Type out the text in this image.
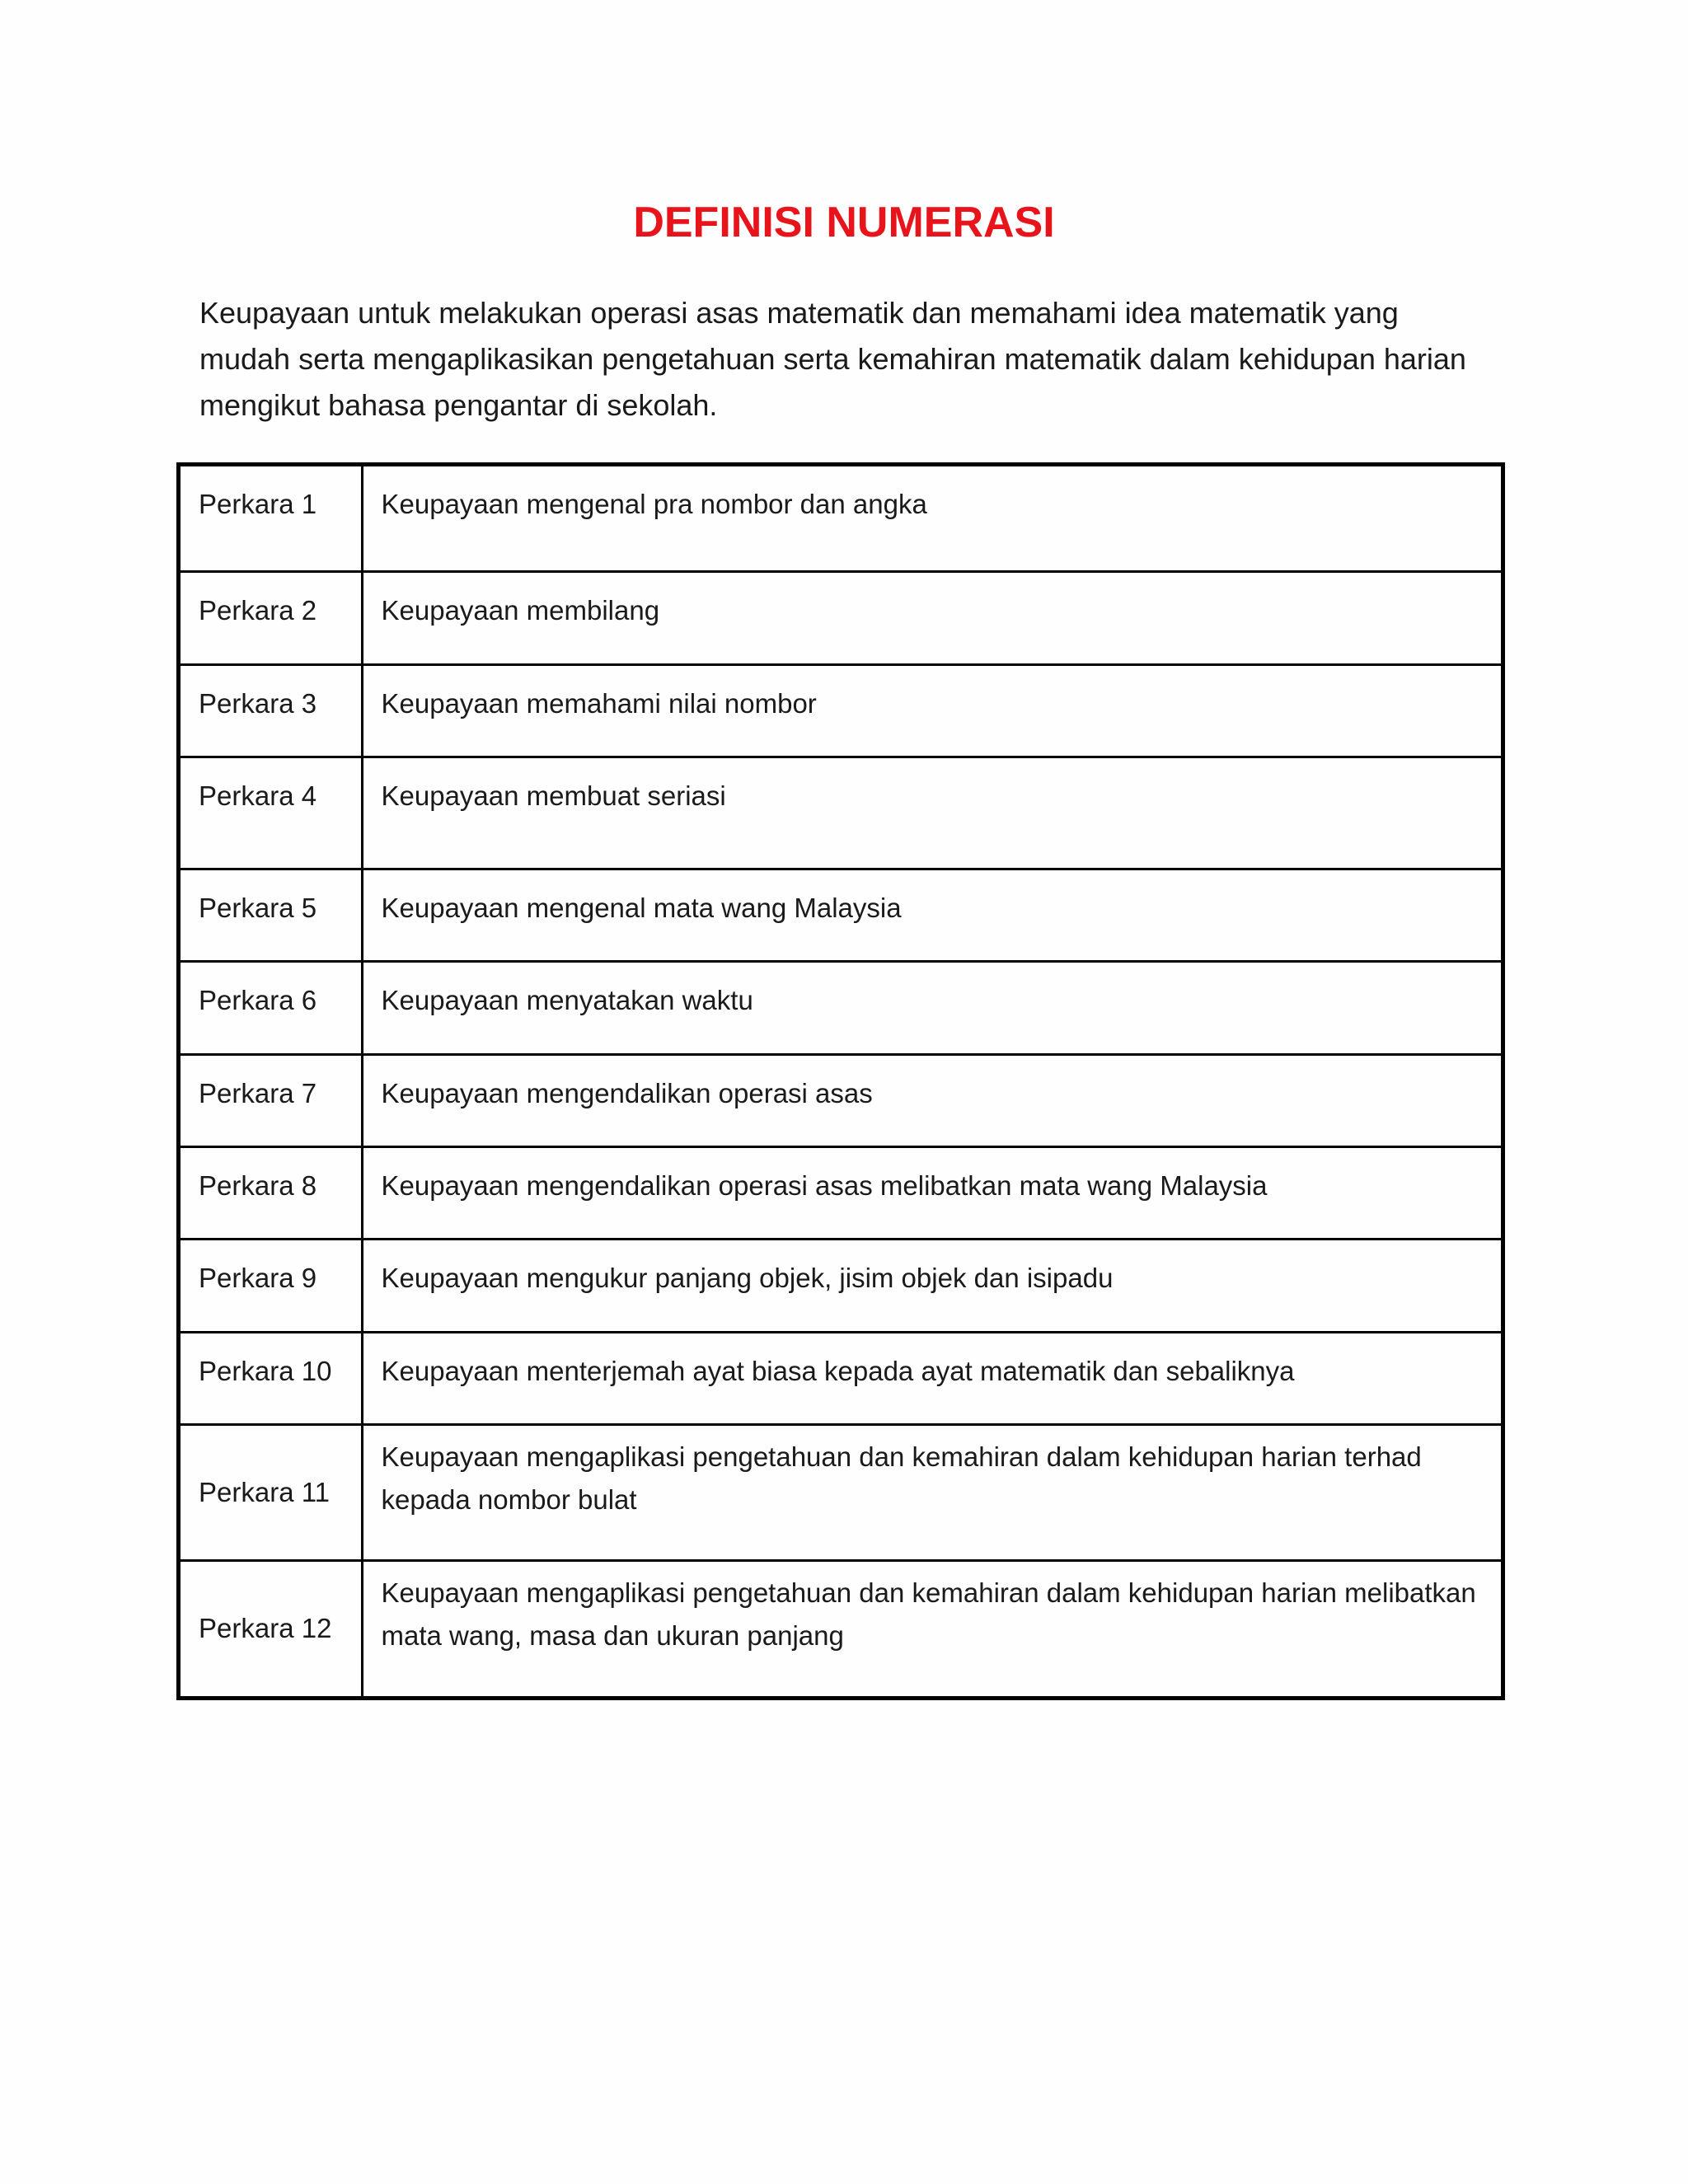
DEFINISI NUMERASI

Keupayaan untuk melakukan operasi asas matematik dan memahami idea matematik yang mudah serta mengaplikasikan pengetahuan serta kemahiran matematik dalam kehidupan harian mengikut bahasa pengantar di sekolah.

Perkara 1	Keupayaan mengenal pra nombor dan angka
Perkara 2	Keupayaan membilang
Perkara 3	Keupayaan memahami nilai nombor
Perkara 4	Keupayaan membuat seriasi
Perkara 5	Keupayaan mengenal mata wang Malaysia
Perkara 6	Keupayaan menyatakan waktu
Perkara 7	Keupayaan mengendalikan operasi asas
Perkara 8	Keupayaan mengendalikan operasi asas melibatkan mata wang Malaysia
Perkara 9	Keupayaan mengukur panjang objek, jisim objek dan isipadu
Perkara 10	Keupayaan menterjemah ayat biasa kepada ayat matematik dan sebaliknya
Perkara 11	Keupayaan mengaplikasi pengetahuan dan kemahiran dalam kehidupan harian terhad kepada nombor bulat
Perkara 12	Keupayaan mengaplikasi pengetahuan dan kemahiran dalam kehidupan harian melibatkan mata wang, masa dan ukuran panjang
